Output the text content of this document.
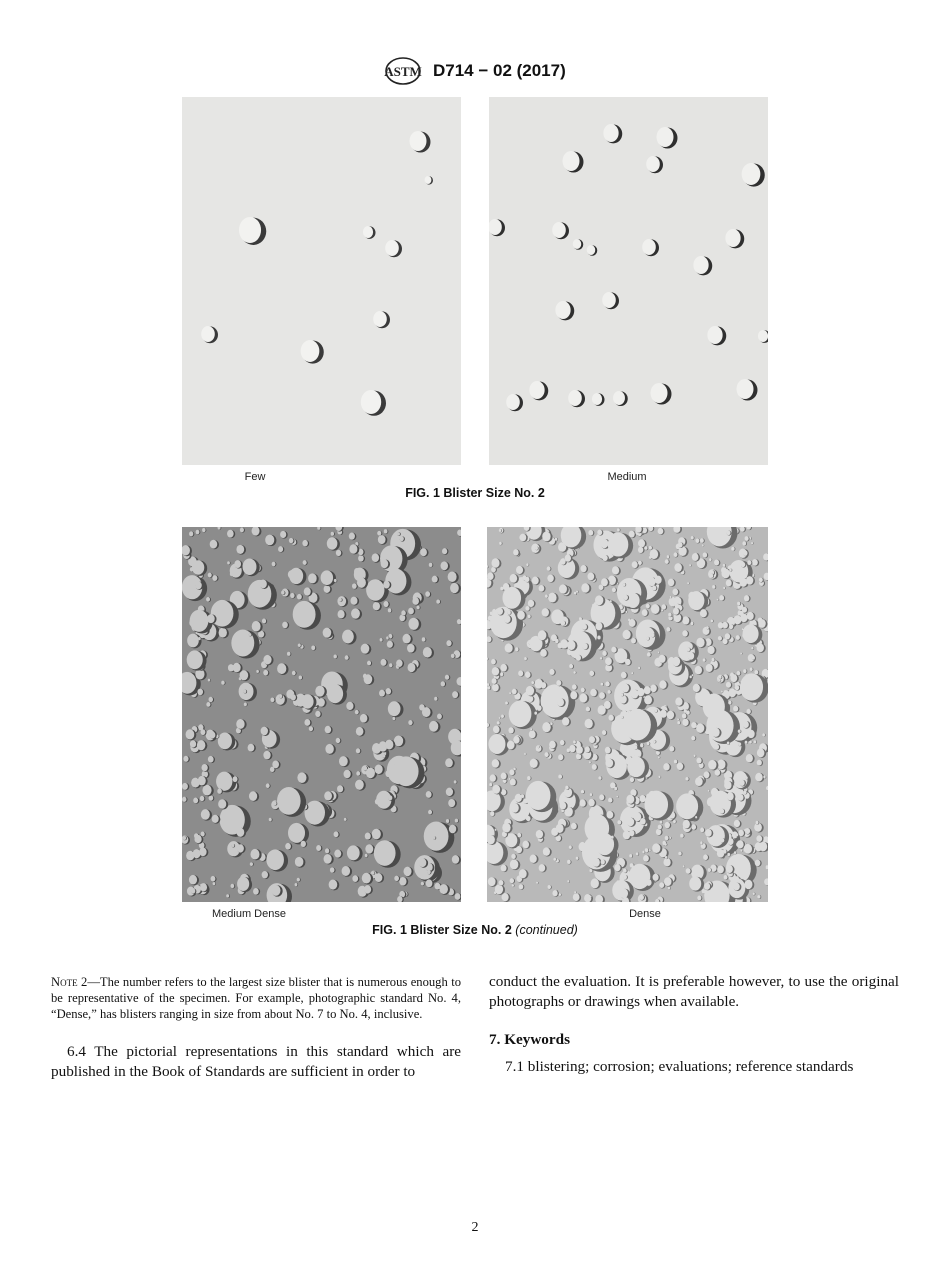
ASTM D714 − 02 (2017)
Few	Medium
FIG. 1 Blister Size No. 2
Medium Dense	Dense
FIG. 1 Blister Size No. 2 (continued)
Note 2—The number refers to the largest size blister that is numerous enough to be representative of the specimen. For example, photographic standard No. 4, “Dense,” has blisters ranging in size from about No. 7 to No. 4, inclusive.
6.4 The pictorial representations in this standard which are published in the Book of Standards are sufficient in order to
conduct the evaluation. It is preferable however, to use the original photographs or drawings when available.
7. Keywords
7.1 blistering; corrosion; evaluations; reference standards
2
